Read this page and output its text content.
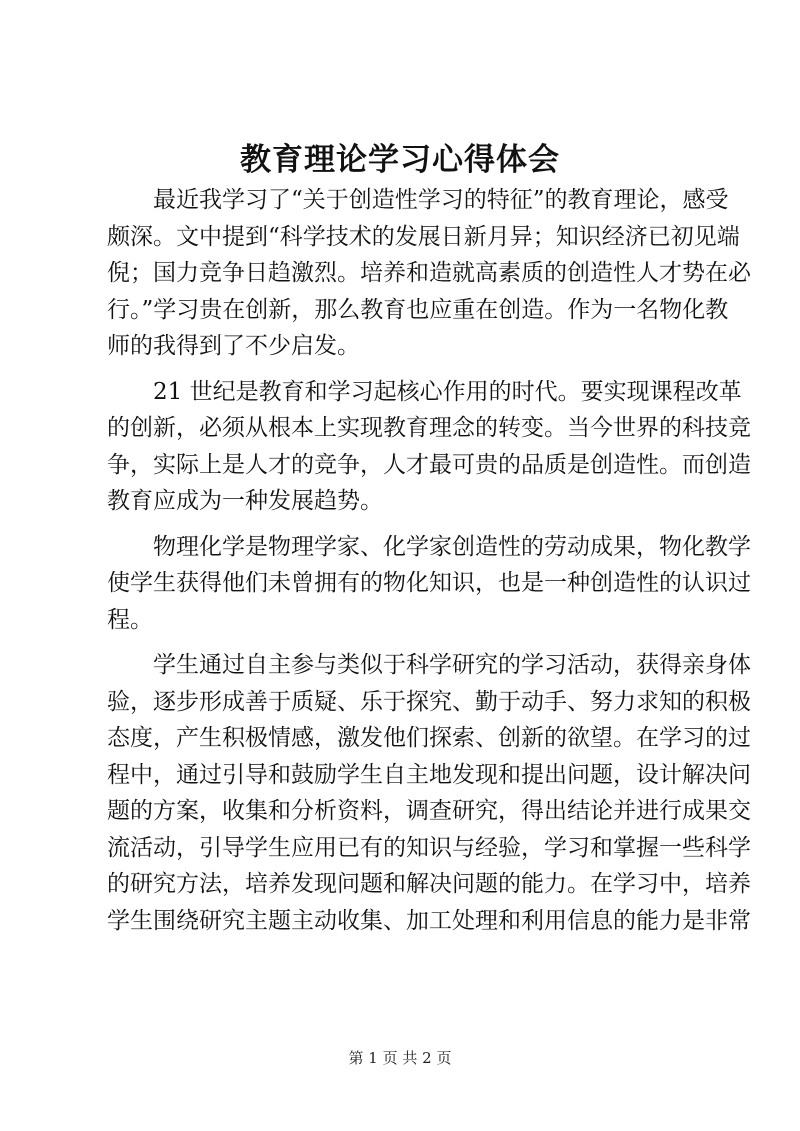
教育理论学习心得体会
最近我学习了“关于创造性学习的特征”的教育理论，感受
颇深。文中提到“科学技术的发展日新月异；知识经济已初见端
倪；国力竞争日趋激烈。培养和造就高素质的创造性人才势在必
行。”学习贵在创新，那么教育也应重在创造。作为一名物化教
师的我得到了不少启发。
21 世纪是教育和学习起核心作用的时代。要实现课程改革
的创新，必须从根本上实现教育理念的转变。当今世界的科技竞
争，实际上是人才的竞争，人才最可贵的品质是创造性。而创造
教育应成为一种发展趋势。
物理化学是物理学家、化学家创造性的劳动成果，物化教学
使学生获得他们未曾拥有的物化知识，也是一种创造性的认识过
程。
学生通过自主参与类似于科学研究的学习活动，获得亲身体
验，逐步形成善于质疑、乐于探究、勤于动手、努力求知的积极
态度，产生积极情感，激发他们探索、创新的欲望。在学习的过
程中，通过引导和鼓励学生自主地发现和提出问题，设计解决问
题的方案，收集和分析资料，调查研究，得出结论并进行成果交
流活动，引导学生应用已有的知识与经验，学习和掌握一些科学
的研究方法，培养发现问题和解决问题的能力。在学习中，培养
学生围绕研究主题主动收集、加工处理和利用信息的能力是非常
第 1 页 共 2 页
